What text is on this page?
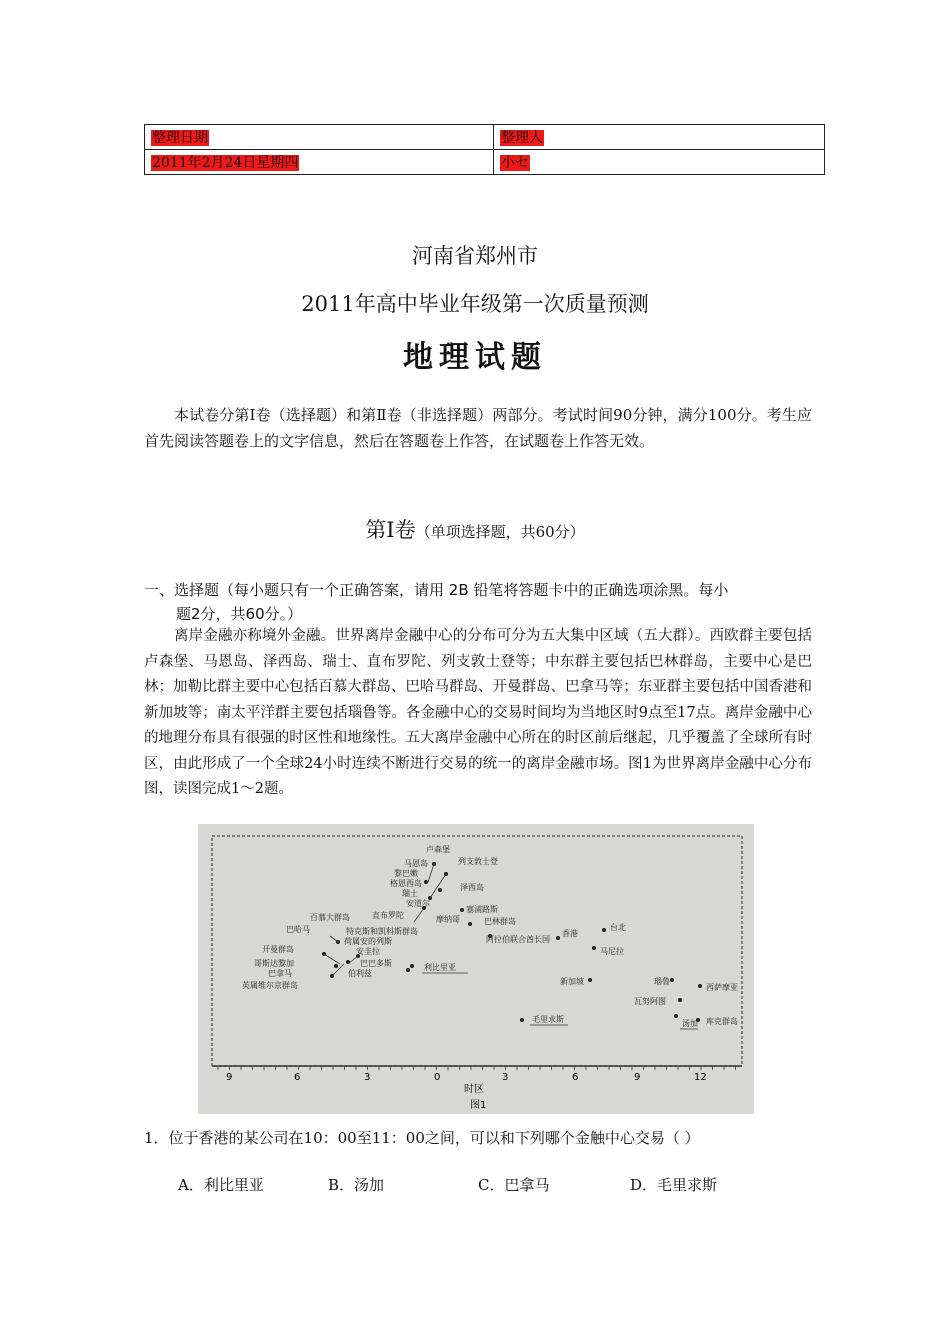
整理日期	整理人
2011年2月24日星期四	小セ
河南省郑州市
2011年高中毕业年级第一次质量预测
地理试题
本试卷分第I卷（选择题）和第Ⅱ卷（非选择题）两部分。考试时间90分钟，满分100分。考生应首先阅读答题卷上的文字信息，然后在答题卷上作答，在试题卷上作答无效。
第Ⅰ卷（单项选择题，共60分）
一、选择题（每小题只有一个正确答案，请用 2B 铅笔将答题卡中的正确选项涂黑。每小
题2分，共60分。）
离岸金融亦称境外金融。世界离岸金融中心的分布可分为五大集中区域（五大群）。西欧群主要包括卢森堡、马恩岛、泽西岛、瑞士、直布罗陀、列支敦士登等；中东群主要包括巴林群岛，主要中心是巴林；加勒比群主要中心包括百慕大群岛、巴哈马群岛、开曼群岛、巴拿马等；东亚群主要包括中国香港和新加坡等；南太平洋群主要包括瑙鲁等。各金融中心的交易时间均为当地区时9点至17点。离岸金融中心的地理分布具有很强的时区性和地缘性。五大离岸金融中心所在的时区前后继起，几乎覆盖了全球所有时区，由此形成了一个全球24小时连续不断进行交易的统一的离岸金融市场。图1为世界离岸金融中心分布图，读图完成1～2题。
9	6	3	0	3	6	9	12
时区
图1
卢森堡
列支敦士登
马恩岛
黎巴嫩
格恩西岛
瑞士
安道尔
泽西岛
塞浦路斯
直布罗陀	摩纳哥	巴林群岛
百慕大群岛
巴哈马	特克斯和凯科斯群岛
荷属安的列斯
开曼群岛	安圭拉
哥斯达黎加	巴巴多斯
巴拿马	伯利兹
英属维尔京群岛
利比里亚
阿拉伯联合酋长国
香港
台北
马尼拉
新加坡
毛里求斯
瑙鲁
瓦努阿图
西萨摩亚
汤加 库克群岛
1．位于香港的某公司在10：00至11：00之间，可以和下列哪个金触中心交易（ ）
A．利比里亚	B．汤加	C．巴拿马	D．毛里求斯
